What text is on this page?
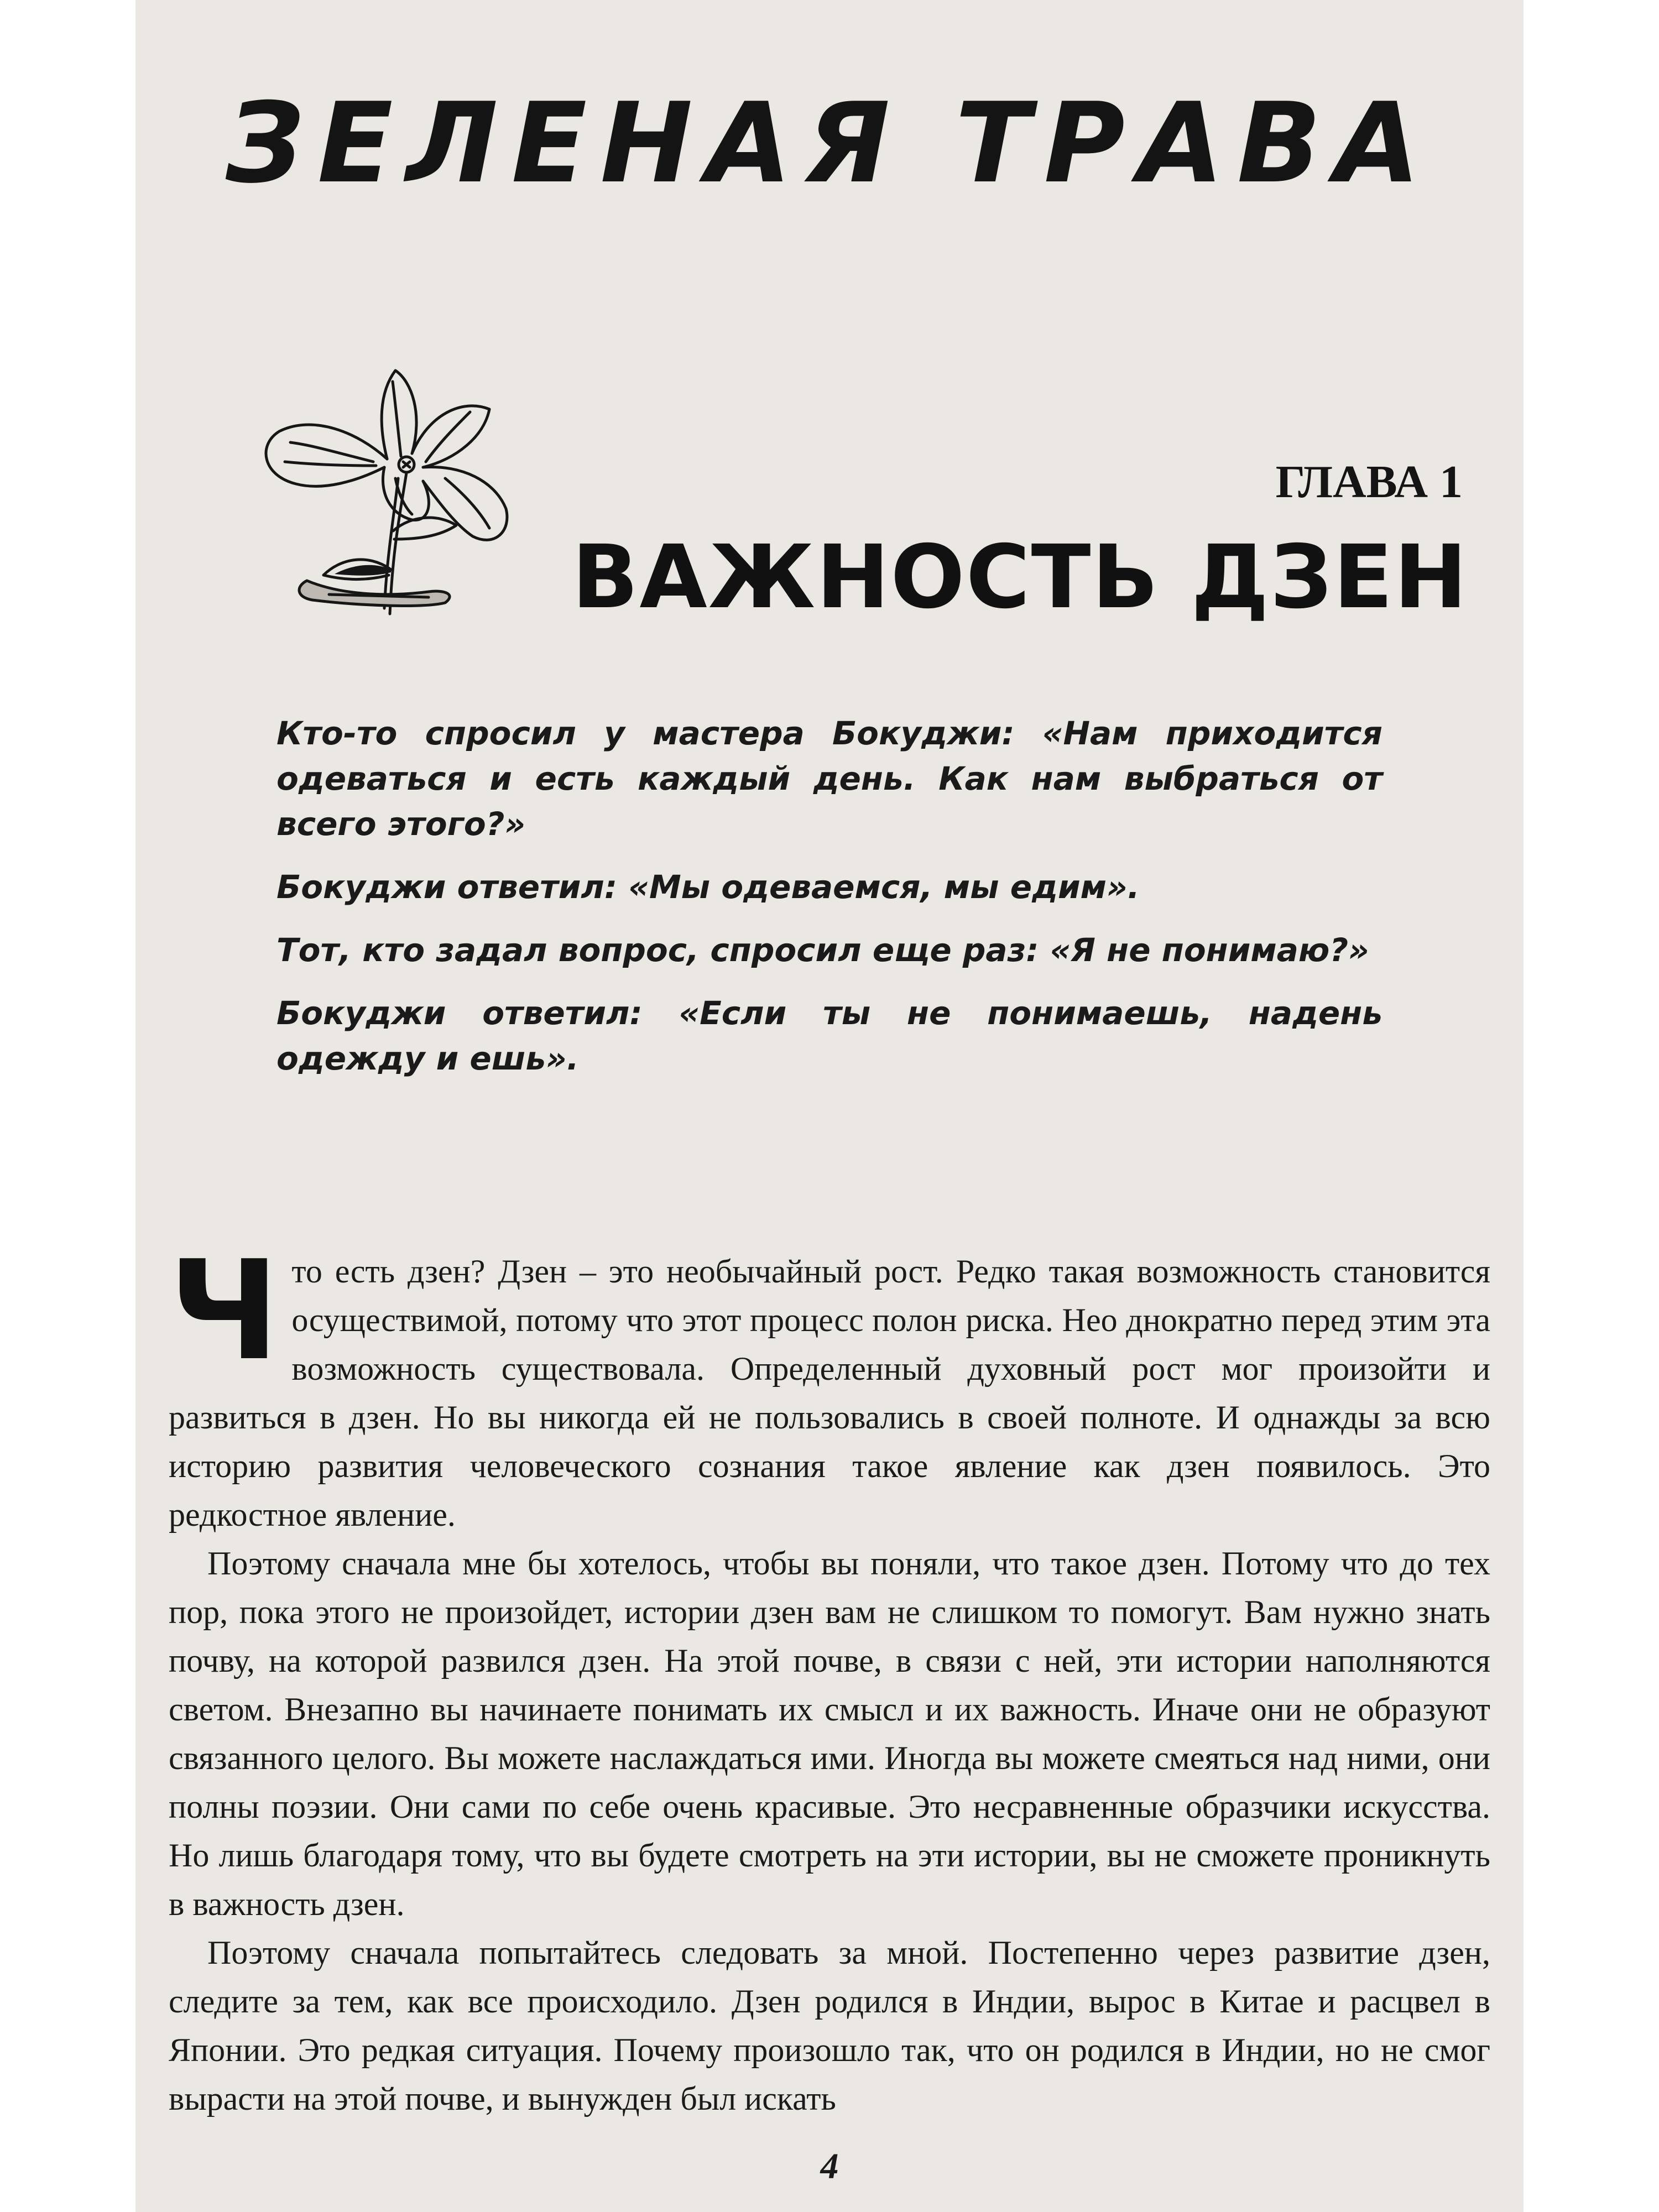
ЗЕЛЕНАЯ ТРАВА
ГЛАВА 1
ВАЖНОСТЬ ДЗЕН

Кто-то спросил у мастера Бокуджи: «Нам приходится одеваться и есть каждый день. Как нам выбраться от всего этого?»

Бокуджи ответил: «Мы одеваемся, мы едим».

Тот, кто задал вопрос, спросил еще раз: «Я не понимаю?»

Бокуджи ответил: «Если ты не понимаешь, надень одежду и ешь».

Что есть дзен? Дзен – это необычайный рост. Редко такая возможность становится осуществимой, потому что этот процесс полон риска. Нео днократно перед этим эта возможность существовала. Определенный духовный рост мог произойти и развиться в дзен. Но вы никогда ей не пользовались в своей полноте. И однажды за всю историю развития человеческого сознания такое явление как дзен появилось. Это редкостное явление.

Поэтому сначала мне бы хотелось, чтобы вы поняли, что такое дзен. Потому что до тех пор, пока этого не произойдет, истории дзен вам не слишком то помогут. Вам нужно знать почву, на которой развился дзен. На этой почве, в связи с ней, эти истории наполняются светом. Внезапно вы начинаете понимать их смысл и их важность. Иначе они не образуют связанного целого. Вы можете наслаждаться ими. Иногда вы можете смеяться над ними, они полны поэзии. Они сами по себе очень красивые. Это несравненные образчики искусства. Но лишь благодаря тому, что вы будете смотреть на эти истории, вы не сможете проникнуть в важность дзен.

Поэтому сначала попытайтесь следовать за мной. Постепенно через развитие дзен, следите за тем, как все происходило. Дзен родился в Индии, вырос в Китае и расцвел в Японии. Это редкая ситуация. Почему произошло так, что он родился в Индии, но не смог вырасти на этой почве, и вынужден был искать

4
